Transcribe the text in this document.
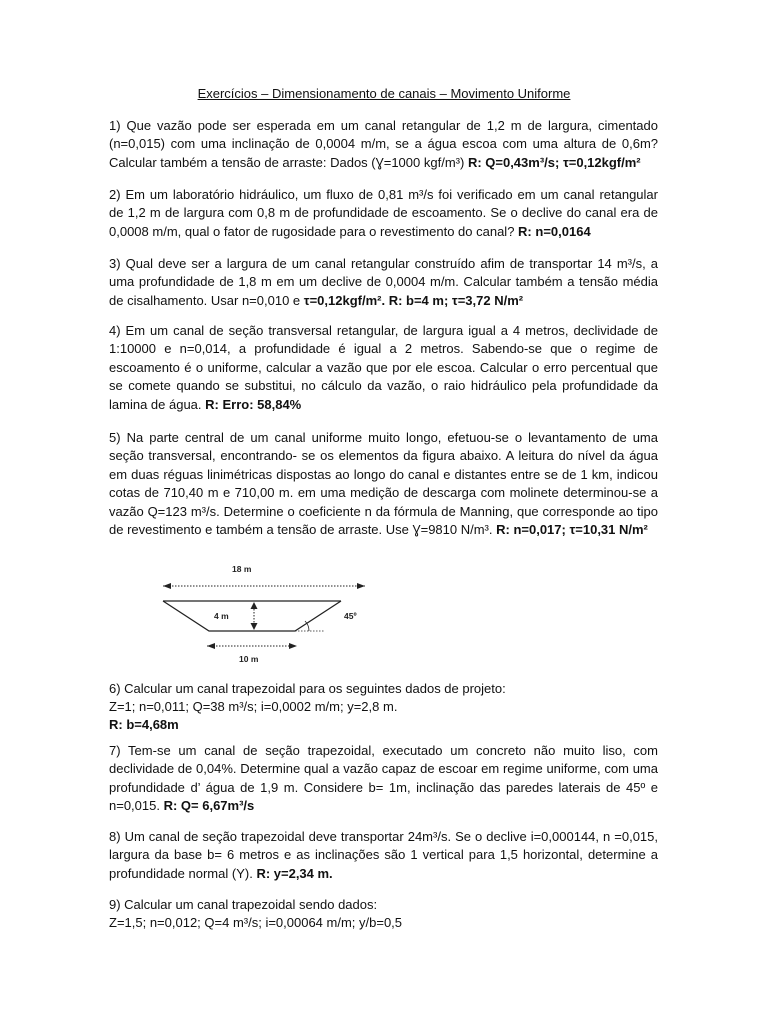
Exercícios – Dimensionamento de canais – Movimento Uniforme
1) Que vazão pode ser esperada em um canal retangular de 1,2 m de largura, cimentado
(n=0,015) com uma inclinação de 0,0004 m/m, se a água escoa com uma altura de 0,6m?
Calcular também a tensão de arraste: Dados (Ɣ=1000 kgf/m³) R: Q=0,43m³/s; τ=0,12kgf/m²
2) Em um laboratório hidráulico, um fluxo de 0,81 m³/s foi verificado em um canal retangular
de 1,2 m de largura com 0,8 m de profundidade de escoamento. Se o declive do canal era de
0,0008 m/m, qual o fator de rugosidade para o revestimento do canal? R: n=0,0164
3) Qual deve ser a largura de um canal retangular construído afim de transportar 14 m³/s, a
uma profundidade de 1,8 m em um declive de 0,0004 m/m. Calcular também a tensão média
de cisalhamento. Usar n=0,010 e τ=0,12kgf/m². R: b=4 m; τ=3,72 N/m²
4) Em um canal de seção transversal retangular, de largura igual a 4 metros, declividade de
1:10000 e n=0,014, a profundidade é igual a 2 metros. Sabendo-se que o regime de
escoamento é o uniforme, calcular a vazão que por ele escoa. Calcular o erro percentual que
se comete quando se substitui, no cálculo da vazão, o raio hidráulico pela profundidade da
lamina de água. R: Erro: 58,84%
5) Na parte central de um canal uniforme muito longo, efetuou-se o levantamento de uma
seção transversal, encontrando- se os elementos da figura abaixo. A leitura do nível da água
em duas réguas linimétricas dispostas ao longo do canal e distantes entre se de 1 km, indicou
cotas de 710,40 m e 710,00 m. em uma medição de descarga com molinete determinou-se a
vazão Q=123 m³/s. Determine o coeficiente n da fórmula de Manning, que corresponde ao tipo
de revestimento e também a tensão de arraste. Use Ɣ=9810 N/m³. R: n=0,017; τ=10,31 N/m²
18 m
4 m	45º
10 m
6) Calcular um canal trapezoidal para os seguintes dados de projeto:
Z=1; n=0,011; Q=38 m³/s; i=0,0002 m/m; y=2,8 m.
R: b=4,68m
7) Tem-se um canal de seção trapezoidal, executado um concreto não muito liso, com
declividade de 0,04%. Determine qual a vazão capaz de escoar em regime uniforme, com uma
profundidade d’ água de 1,9 m. Considere b= 1m, inclinação das paredes laterais de 45º e
n=0,015. R: Q= 6,67m³/s
8) Um canal de seção trapezoidal deve transportar 24m³/s. Se o declive i=0,000144, n =0,015,
largura da base b= 6 metros e as inclinações são 1 vertical para 1,5 horizontal, determine a
profundidade normal (Y). R: y=2,34 m.
9) Calcular um canal trapezoidal sendo dados:
Z=1,5; n=0,012; Q=4 m³/s; i=0,00064 m/m; y/b=0,5
